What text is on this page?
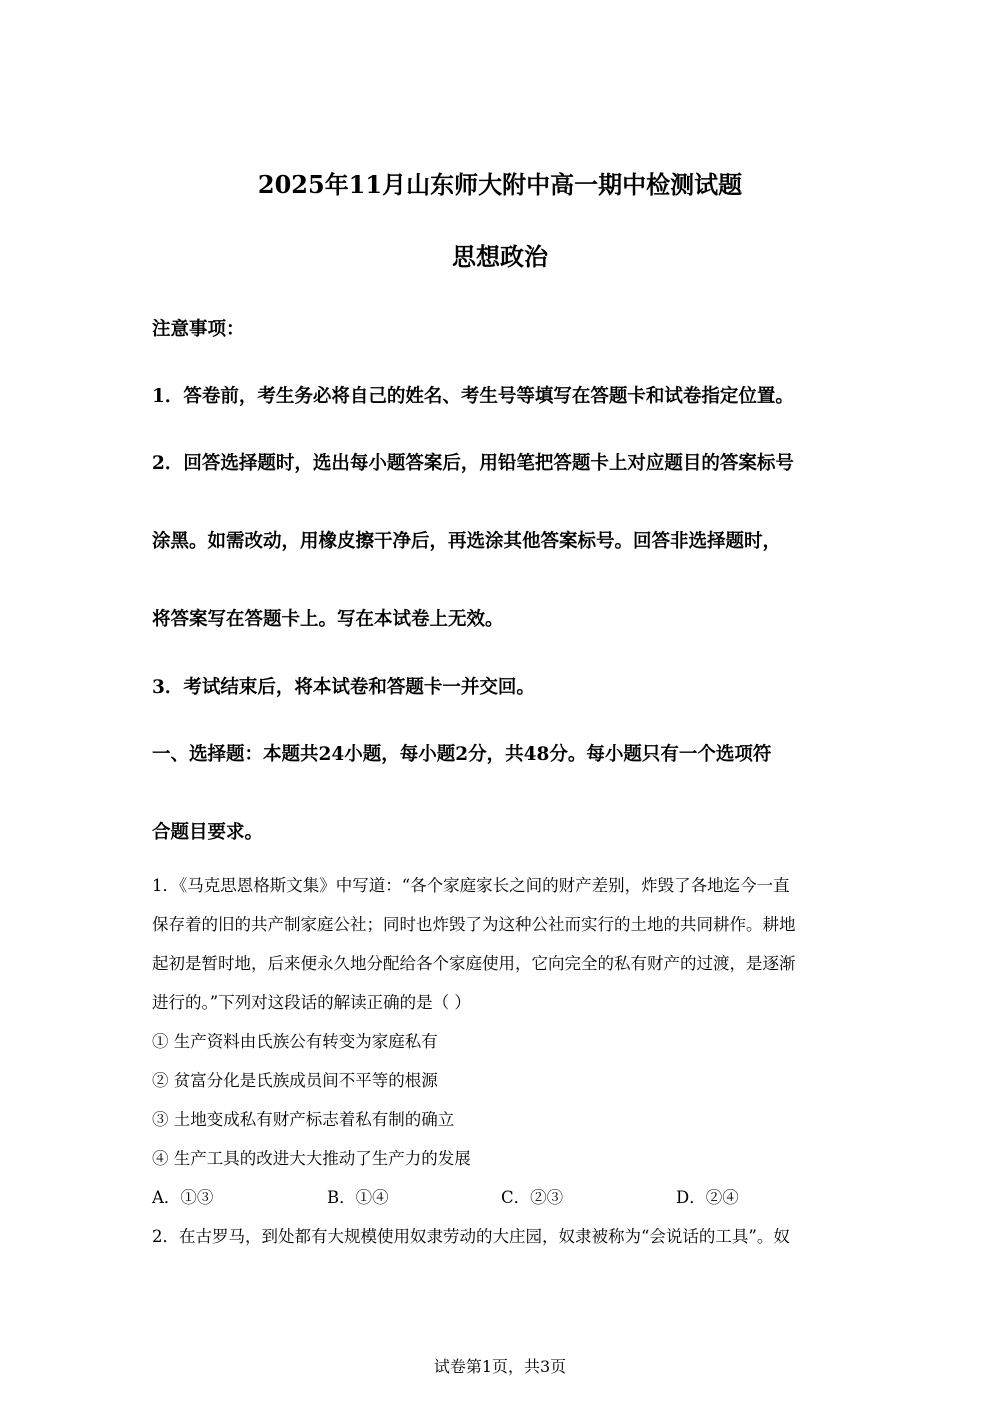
2025年11月山东师大附中高一期中检测试题
思想政治
注意事项：
1．答卷前，考生务必将自己的姓名、考生号等填写在答题卡和试卷指定位置。
2．回答选择题时，选出每小题答案后，用铅笔把答题卡上对应题目的答案标号
涂黑。如需改动，用橡皮擦干净后，再选涂其他答案标号。回答非选择题时，
将答案写在答题卡上。写在本试卷上无效。
3．考试结束后，将本试卷和答题卡一并交回。
一、选择题：本题共24小题，每小题2分，共48分。每小题只有一个选项符
合题目要求。
1．《马克思恩格斯文集》中写道：“各个家庭家长之间的财产差别，炸毁了各地迄今一直
保存着的旧的共产制家庭公社；同时也炸毁了为这种公社而实行的土地的共同耕作。耕地
起初是暂时地，后来便永久地分配给各个家庭使用，它向完全的私有财产的过渡，是逐渐
进行的。”下列对这段话的解读正确的是（ ）
① 生产资料由氏族公有转变为家庭私有
② 贫富分化是氏族成员间不平等的根源
③ 土地变成私有财产标志着私有制的确立
④ 生产工具的改进大大推动了生产力的发展
A．①③	B．①④	C．②③	D．②④
2．在古罗马，到处都有大规模使用奴隶劳动的大庄园，奴隶被称为“会说话的工具”。奴
试卷第1页，共3页
